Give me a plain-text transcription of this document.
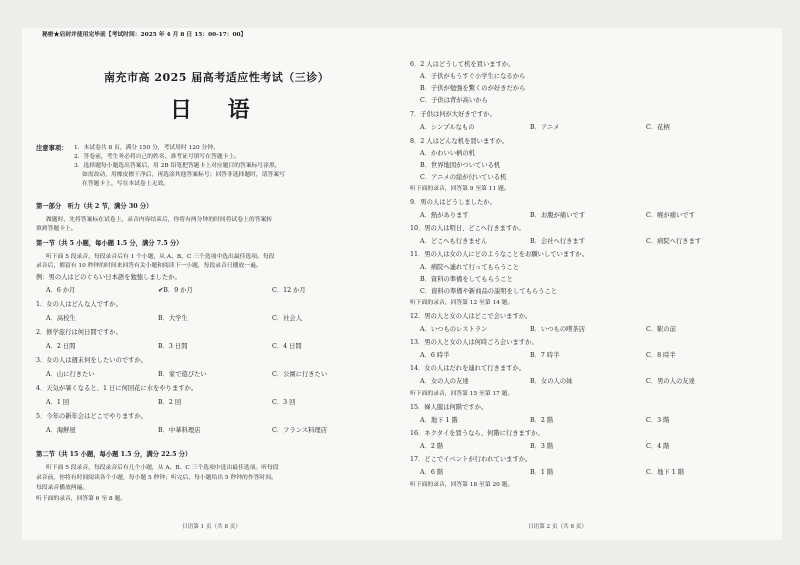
秘密★启封并使用完毕前【考试时间：2025 年 4 月 8 日 15：00-17：00】
南充市高 2025 届高考适应性考试（三诊）
日 语
注意事项： 1．本试卷共 8 页，满分 150 分，考试用时 120 分钟。
2．答卷前，考生务必将自己的姓名、准考证号填写在答题卡上。
3．选择题每小题选出答案后，用 2B 铅笔把答题卡上对应题目的答案标号涂黑，
如需改动，用橡皮擦干净后，再选涂其他答案标号；回答非选择题时，请答案写
在答题卡上，写在本试卷上无效。
第一部分　听力（共 2 节，满分 30 分）
做题时，先将答案标在试卷上，录音内容结束后，你将有两分钟的时间将试卷上的答案转
填到答题卡上。
第一节（共 5 小题，每小题 1.5 分，满分 7.5 分）
听下面 5 段录音，每段录音后有 1 个小题，从 A、B、C 三个选项中选出最佳选项。每段
录音后，都留有 10 秒钟的时间来回答有关小题和阅读下一小题，每段录音只播放一遍。
例：男の人はどのぐらい日本語を勉強しましたか。
A．6 か月	✔B．9 か月	C．12 か月
1．女の人はどんな人ですか。
A．高校生	B．大学生	C．社会人
2．修学旅行は何日間ですか。
A．2 日間	B．3 日間	C．4 日間
3．女の人は週末何をしたいのですか。
A．山に行きたい	B．家で遊びたい	C．公園に行きたい
4．天気が暑くなると、1 日に何回花に水をやりますか。
A．1 回	B．2 回	C．3 回
5．今年の新年会はどこでやりますか。
A．海鮮屋	B．中華料理店	C．フランス料理店
第二节（共 15 小题，每小题 1.5 分，满分 22.5 分）
听下面 5 段录音，每段录音后有几个小题，从 A、B、C 三个选项中选出最佳选项。听每段
录音前，你将有时间阅读各个小题，每小题 5 秒钟；听完后，每小题给出 5 秒钟的作答时间。
每段录音播放两遍。
听下面的录音，回答第 6 至 8 题。
日语第 1 页（共 8 页）
6．2 人はどうして机を買いますか。
A．子供がもうすぐ小学生になるから
B．子供が勉強を驚くのが好きだから
C．子供は背が高いから
7．子供は何が大好きですか。
A．シンプルなもの	B．アニメ	C．花柄
8．2 人はどんな机を買いますか。
A．かわいい柄の机
B．世界地図がついている机
C．アニメの絵が付いている机
听下面的录音，回答第 9 至第 11 题。
9．男の人はどうしましたか。
A．熱があります	B．お腹が痛いです	C．喉が痛いです
10．男の人は明日、どこへ行きますか。
A．どこへも行きません	B．会社へ行きます	C．病院へ行きます
11．男の人は女の人にどのようなことをお願いしていますか。
A．病院へ連れて行ってもらうこと
B．資料の準備をしてもらうこと
C．資料の準備や新商品の説明をしてもらうこと
听下面的录音，回答第 12 至第 14 题。
12．男の人と女の人はどこで会いますか。
A．いつものレストラン	B．いつもの喫茶店	C．駅の前
13．男の人と女の人は何時ごろ会いますか。
A．6 時半	B．7 時半	C．8 時半
14．女の人はだれを連れて行きますか。
A．女の人の友達	B．女の人の妹	C．男の人の友達
听下面的录音，回答第 15 至第 17 题。
15．婦人服は何階ですか。
A．地下 1 階	B．2 階	C．3 階
16．ネクタイを買うなら、何階に行きますか。
A．2 階	B．3 階	C．4 階
17．どこでイベントが行われていますか。
A．6 階	B．1 階	C．地下 1 階
听下面的录音，回答第 18 至第 20 题。
日语第 2 页（共 8 页）
